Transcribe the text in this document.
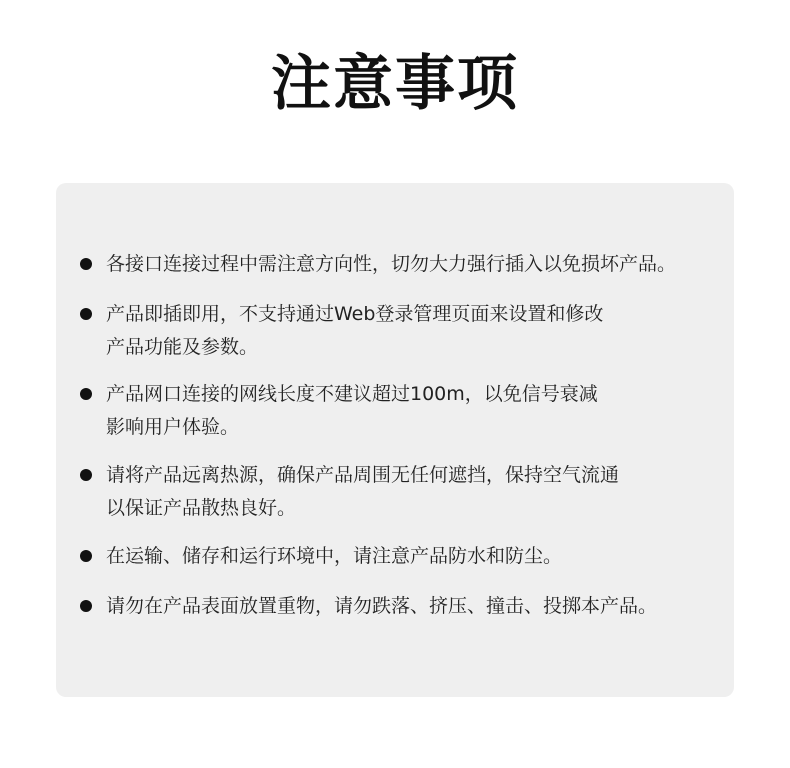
注意事项
各接口连接过程中需注意方向性，切勿大力强行插入以免损坏产品。
产品即插即用，不支持通过Web登录管理页面来设置和修改
产品功能及参数。
产品网口连接的网线长度不建议超过100m，以免信号衰减
影响用户体验。
请将产品远离热源，确保产品周围无任何遮挡，保持空气流通
以保证产品散热良好。
在运输、储存和运行环境中，请注意产品防水和防尘。
请勿在产品表面放置重物，请勿跌落、挤压、撞击、投掷本产品。
